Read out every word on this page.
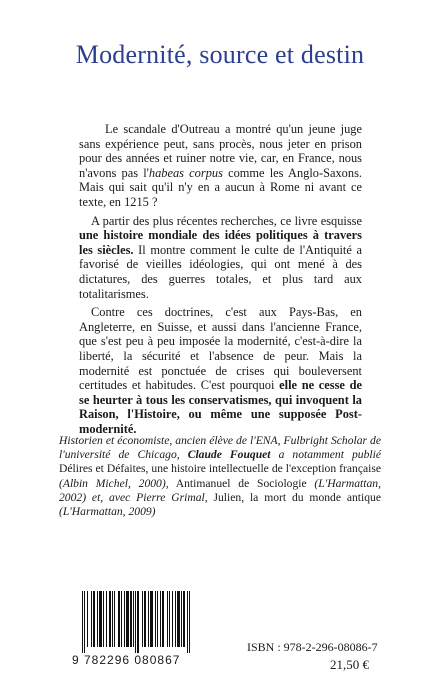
Modernité, source et destin

Le scandale d'Outreau a montré qu'un jeune juge sans expérience peut, sans procès, nous jeter en prison pour des années et ruiner notre vie, car, en France, nous n'avons pas l'habeas corpus comme les Anglo-Saxons. Mais qui sait qu'il n'y en a aucun à Rome ni avant ce texte, en 1215 ?

A partir des plus récentes recherches, ce livre esquisse une histoire mondiale des idées politiques à travers les siècles. Il montre comment le culte de l'Antiquité a favorisé de vieilles idéologies, qui ont mené à des dictatures, des guerres totales, et plus tard aux totalitarismes.

Contre ces doctrines, c'est aux Pays-Bas, en Angleterre, en Suisse, et aussi dans l'ancienne France, que s'est peu à peu imposée la modernité, c'est-à-dire la liberté, la sécurité et l'absence de peur. Mais la modernité est ponctuée de crises qui bouleversent certitudes et habitudes. C'est pourquoi elle ne cesse de se heurter à tous les conservatismes, qui invoquent la Raison, l'Histoire, ou même une supposée Post-modernité.

Historien et économiste, ancien élève de l'ENA, Fulbright Scholar de l'université de Chicago, Claude Fouquet a notamment publié Délires et Défaites, une histoire intellectuelle de l'exception française (Albin Michel, 2000), Antimanuel de Sociologie (L'Harmattan, 2002) et, avec Pierre Grimal, Julien, la mort du monde antique (L'Harmattan, 2009)
9 782296 080867
ISBN : 978-2-296-08086-7
21,50 €
